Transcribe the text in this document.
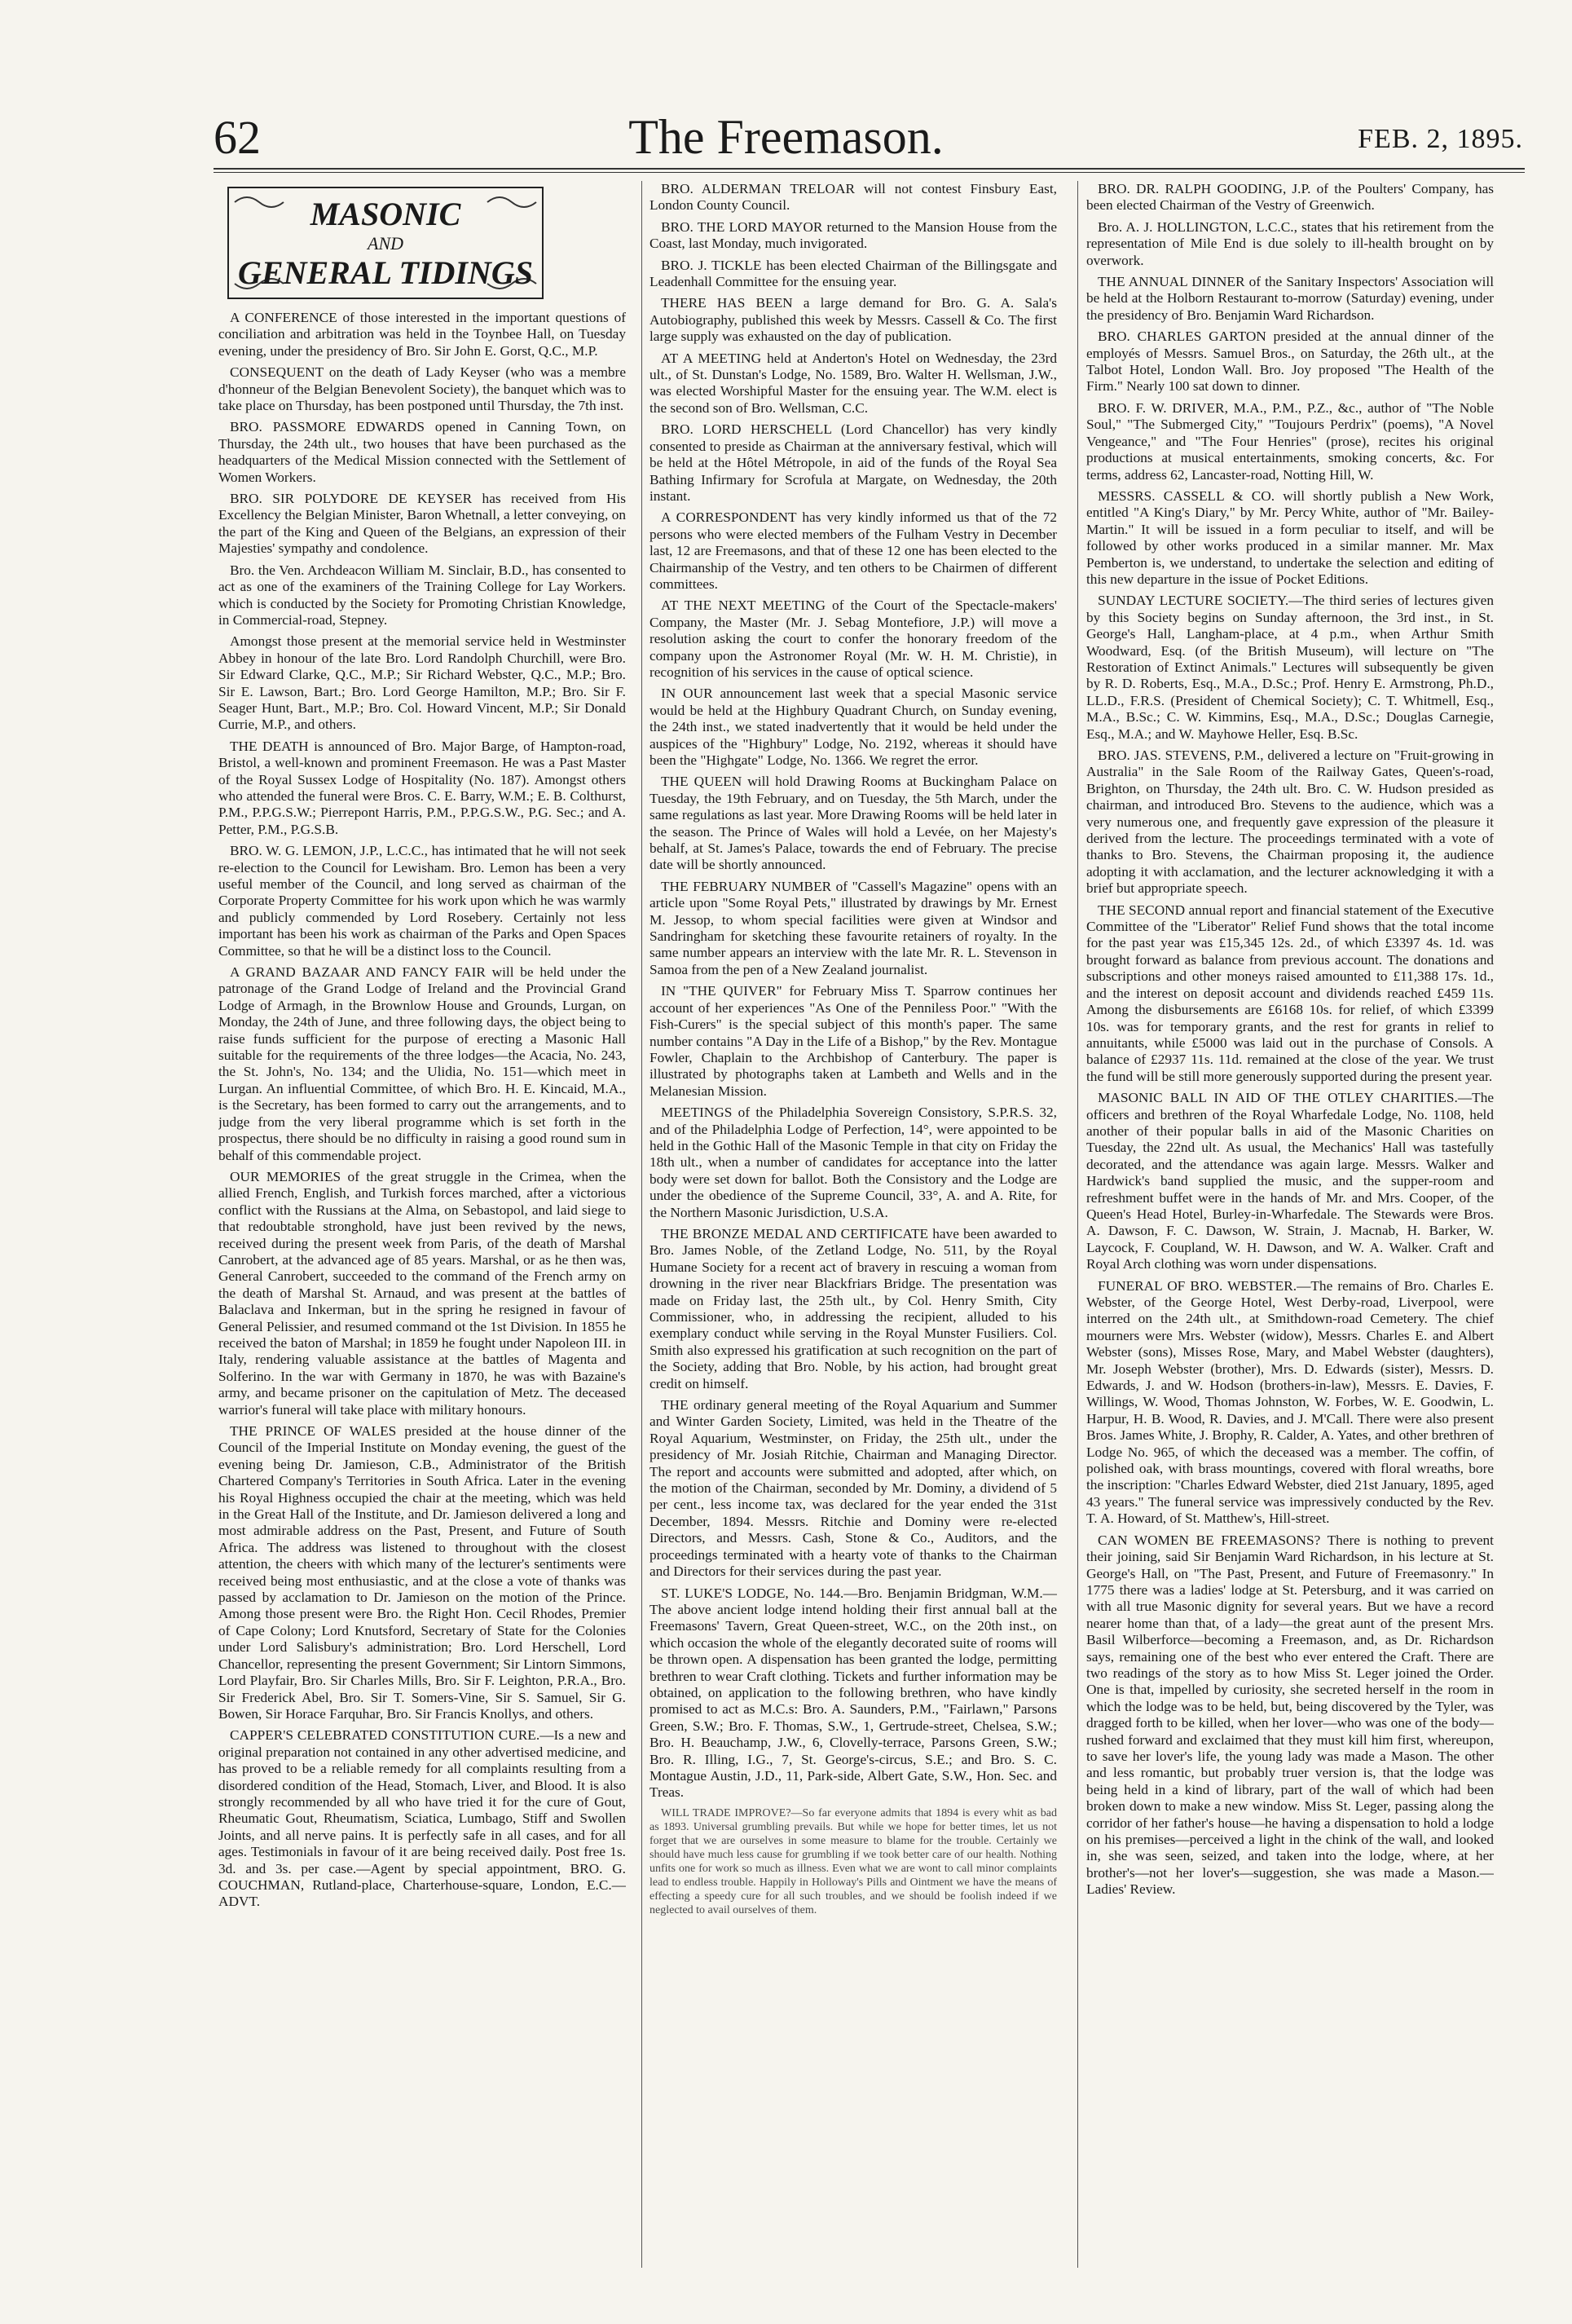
62	The Freemason.	FEB. 2, 1895.
MASONIC
AND
GENERAL TIDINGS

A CONFERENCE of those interested in the important questions of conciliation and arbitration was held in the Toynbee Hall, on Tuesday evening, under the presidency of Bro. Sir John E. Gorst, Q.C., M.P.

CONSEQUENT on the death of Lady Keyser (who was a membre d'honneur of the Belgian Benevolent Society), the banquet which was to take place on Thursday, has been postponed until Thursday, the 7th inst.

BRO. PASSMORE EDWARDS opened in Canning Town, on Thursday, the 24th ult., two houses that have been purchased as the headquarters of the Medical Mission connected with the Settlement of Women Workers.

BRO. SIR POLYDORE DE KEYSER has received from His Excellency the Belgian Minister, Baron Whetnall, a letter conveying, on the part of the King and Queen of the Belgians, an expression of their Majesties' sympathy and condolence.

Bro. the Ven. Archdeacon William M. Sinclair, B.D., has consented to act as one of the examiners of the Training College for Lay Workers. which is conducted by the Society for Promoting Christian Knowledge, in Commercial-road, Stepney.

Amongst those present at the memorial service held in Westminster Abbey in honour of the late Bro. Lord Randolph Churchill, were Bro. Sir Edward Clarke, Q.C., M.P.; Sir Richard Webster, Q.C., M.P.; Bro. Sir E. Lawson, Bart.; Bro. Lord George Hamilton, M.P.; Bro. Sir F. Seager Hunt, Bart., M.P.; Bro. Col. Howard Vincent, M.P.; Sir Donald Currie, M.P., and others.

THE DEATH is announced of Bro. Major Barge, of Hampton-road, Bristol, a well-known and prominent Freemason. He was a Past Master of the Royal Sussex Lodge of Hospitality (No. 187). Amongst others who attended the funeral were Bros. C. E. Barry, W.M.; E. B. Colthurst, P.M., P.P.G.S.W.; Pierrepont Harris, P.M., P.P.G.S.W., P.G. Sec.; and A. Petter, P.M., P.G.S.B.

BRO. W. G. LEMON, J.P., L.C.C., has intimated that he will not seek re-election to the Council for Lewisham. Bro. Lemon has been a very useful member of the Council, and long served as chairman of the Corporate Property Committee for his work upon which he was warmly and publicly commended by Lord Rosebery. Certainly not less important has been his work as chairman of the Parks and Open Spaces Committee, so that he will be a distinct loss to the Council.

A GRAND BAZAAR AND FANCY FAIR will be held under the patronage of the Grand Lodge of Ireland and the Provincial Grand Lodge of Armagh, in the Brownlow House and Grounds, Lurgan, on Monday, the 24th of June, and three following days, the object being to raise funds sufficient for the purpose of erecting a Masonic Hall suitable for the requirements of the three lodges—the Acacia, No. 243, the St. John's, No. 134; and the Ulidia, No. 151—which meet in Lurgan. An influential Committee, of which Bro. H. E. Kincaid, M.A., is the Secretary, has been formed to carry out the arrangements, and to judge from the very liberal programme which is set forth in the prospectus, there should be no difficulty in raising a good round sum in behalf of this commendable project.

OUR MEMORIES of the great struggle in the Crimea, when the allied French, English, and Turkish forces marched, after a victorious conflict with the Russians at the Alma, on Sebastopol, and laid siege to that redoubtable stronghold, have just been revived by the news, received during the present week from Paris, of the death of Marshal Canrobert, at the advanced age of 85 years. Marshal, or as he then was, General Canrobert, succeeded to the command of the French army on the death of Marshal St. Arnaud, and was present at the battles of Balaclava and Inkerman, but in the spring he resigned in favour of General Pelissier, and resumed command ot the 1st Division. In 1855 he received the baton of Marshal; in 1859 he fought under Napoleon III. in Italy, rendering valuable assistance at the battles of Magenta and Solferino. In the war with Germany in 1870, he was with Bazaine's army, and became prisoner on the capitulation of Metz. The deceased warrior's funeral will take place with military honours.

THE PRINCE OF WALES presided at the house dinner of the Council of the Imperial Institute on Monday evening, the guest of the evening being Dr. Jamieson, C.B., Administrator of the British Chartered Company's Territories in South Africa. Later in the evening his Royal Highness occupied the chair at the meeting, which was held in the Great Hall of the Institute, and Dr. Jamieson delivered a long and most admirable address on the Past, Present, and Future of South Africa. The address was listened to throughout with the closest attention, the cheers with which many of the lecturer's sentiments were received being most enthusiastic, and at the close a vote of thanks was passed by acclamation to Dr. Jamieson on the motion of the Prince. Among those present were Bro. the Right Hon. Cecil Rhodes, Premier of Cape Colony; Lord Knutsford, Secretary of State for the Colonies under Lord Salisbury's administration; Bro. Lord Herschell, Lord Chancellor, representing the present Government; Sir Lintorn Simmons, Lord Playfair, Bro. Sir Charles Mills, Bro. Sir F. Leighton, P.R.A., Bro. Sir Frederick Abel, Bro. Sir T. Somers-Vine, Sir S. Samuel, Sir G. Bowen, Sir Horace Farquhar, Bro. Sir Francis Knollys, and others.

CAPPER'S CELEBRATED CONSTITUTION CURE.—Is a new and original preparation not contained in any other advertised medicine, and has proved to be a reliable remedy for all complaints resulting from a disordered condition of the Head, Stomach, Liver, and Blood. It is also strongly recommended by all who have tried it for the cure of Gout, Rheumatic Gout, Rheumatism, Sciatica, Lumbago, Stiff and Swollen Joints, and all nerve pains. It is perfectly safe in all cases, and for all ages. Testimonials in favour of it are being received daily. Post free 1s. 3d. and 3s. per case.—Agent by special appointment, BRO. G. COUCHMAN, Rutland-place, Charterhouse-square, London, E.C.—ADVT.

BRO. ALDERMAN TRELOAR will not contest Finsbury East, London County Council.

BRO. THE LORD MAYOR returned to the Mansion House from the Coast, last Monday, much invigorated.

BRO. J. TICKLE has been elected Chairman of the Billingsgate and Leadenhall Committee for the ensuing year.

THERE HAS BEEN a large demand for Bro. G. A. Sala's Autobiography, published this week by Messrs. Cassell & Co. The first large supply was exhausted on the day of publication.

AT A MEETING held at Anderton's Hotel on Wednesday, the 23rd ult., of St. Dunstan's Lodge, No. 1589, Bro. Walter H. Wellsman, J.W., was elected Worshipful Master for the ensuing year. The W.M. elect is the second son of Bro. Wellsman, C.C.

BRO. LORD HERSCHELL (Lord Chancellor) has very kindly consented to preside as Chairman at the anniversary festival, which will be held at the Hôtel Métropole, in aid of the funds of the Royal Sea Bathing Infirmary for Scrofula at Margate, on Wednesday, the 20th instant.

A CORRESPONDENT has very kindly informed us that of the 72 persons who were elected members of the Fulham Vestry in December last, 12 are Freemasons, and that of these 12 one has been elected to the Chairmanship of the Vestry, and ten others to be Chairmen of different committees.

AT THE NEXT MEETING of the Court of the Spectacle-makers' Company, the Master (Mr. J. Sebag Montefiore, J.P.) will move a resolution asking the court to confer the honorary freedom of the company upon the Astronomer Royal (Mr. W. H. M. Christie), in recognition of his services in the cause of optical science.

IN OUR announcement last week that a special Masonic service would be held at the Highbury Quadrant Church, on Sunday evening, the 24th inst., we stated inadvertently that it would be held under the auspices of the "Highbury" Lodge, No. 2192, whereas it should have been the "Highgate" Lodge, No. 1366. We regret the error.

THE QUEEN will hold Drawing Rooms at Buckingham Palace on Tuesday, the 19th February, and on Tuesday, the 5th March, under the same regulations as last year. More Drawing Rooms will be held later in the season. The Prince of Wales will hold a Levée, on her Majesty's behalf, at St. James's Palace, towards the end of February. The precise date will be shortly announced.

THE FEBRUARY NUMBER of "Cassell's Magazine" opens with an article upon "Some Royal Pets," illustrated by drawings by Mr. Ernest M. Jessop, to whom special facilities were given at Windsor and Sandringham for sketching these favourite retainers of royalty. In the same number appears an interview with the late Mr. R. L. Stevenson in Samoa from the pen of a New Zealand journalist.

IN "THE QUIVER" for February Miss T. Sparrow continues her account of her experiences "As One of the Penniless Poor." "With the Fish-Curers" is the special subject of this month's paper. The same number contains "A Day in the Life of a Bishop," by the Rev. Montague Fowler, Chaplain to the Archbishop of Canterbury. The paper is illustrated by photographs taken at Lambeth and Wells and in the Melanesian Mission.

MEETINGS of the Philadelphia Sovereign Consistory, S.P.R.S. 32, and of the Philadelphia Lodge of Perfection, 14°, were appointed to be held in the Gothic Hall of the Masonic Temple in that city on Friday the 18th ult., when a number of candidates for acceptance into the latter body were set down for ballot. Both the Consistory and the Lodge are under the obedience of the Supreme Council, 33°, A. and A. Rite, for the Northern Masonic Jurisdiction, U.S.A.

THE BRONZE MEDAL AND CERTIFICATE have been awarded to Bro. James Noble, of the Zetland Lodge, No. 511, by the Royal Humane Society for a recent act of bravery in rescuing a woman from drowning in the river near Blackfriars Bridge. The presentation was made on Friday last, the 25th ult., by Col. Henry Smith, City Commissioner, who, in addressing the recipient, alluded to his exemplary conduct while serving in the Royal Munster Fusiliers. Col. Smith also expressed his gratification at such recognition on the part of the Society, adding that Bro. Noble, by his action, had brought great credit on himself.

THE ordinary general meeting of the Royal Aquarium and Summer and Winter Garden Society, Limited, was held in the Theatre of the Royal Aquarium, Westminster, on Friday, the 25th ult., under the presidency of Mr. Josiah Ritchie, Chairman and Managing Director. The report and accounts were submitted and adopted, after which, on the motion of the Chairman, seconded by Mr. Dominy, a dividend of 5 per cent., less income tax, was declared for the year ended the 31st December, 1894. Messrs. Ritchie and Dominy were re-elected Directors, and Messrs. Cash, Stone & Co., Auditors, and the proceedings terminated with a hearty vote of thanks to the Chairman and Directors for their services during the past year.

ST. LUKE'S LODGE, No. 144.—Bro. Benjamin Bridgman, W.M.—The above ancient lodge intend holding their first annual ball at the Freemasons' Tavern, Great Queen-street, W.C., on the 20th inst., on which occasion the whole of the elegantly decorated suite of rooms will be thrown open. A dispensation has been granted the lodge, permitting brethren to wear Craft clothing. Tickets and further information may be obtained, on application to the following brethren, who have kindly promised to act as M.C.s: Bro. A. Saunders, P.M., "Fairlawn," Parsons Green, S.W.; Bro. F. Thomas, S.W., 1, Gertrude-street, Chelsea, S.W.; Bro. H. Beauchamp, J.W., 6, Clovelly-terrace, Parsons Green, S.W.; Bro. R. Illing, I.G., 7, St. George's-circus, S.E.; and Bro. S. C. Montague Austin, J.D., 11, Park-side, Albert Gate, S.W., Hon. Sec. and Treas.

WILL TRADE IMPROVE?—So far everyone admits that 1894 is every whit as bad as 1893. Universal grumbling prevails. But while we hope for better times, let us not forget that we are ourselves in some measure to blame for the trouble. Certainly we should have much less cause for grumbling if we took better care of our health. Nothing unfits one for work so much as illness. Even what we are wont to call minor complaints lead to endless trouble. Happily in Holloway's Pills and Ointment we have the means of effecting a speedy cure for all such troubles, and we should be foolish indeed if we neglected to avail ourselves of them.

BRO. DR. RALPH GOODING, J.P. of the Poulters' Company, has been elected Chairman of the Vestry of Greenwich.

Bro. A. J. HOLLINGTON, L.C.C., states that his retirement from the representation of Mile End is due solely to ill-health brought on by overwork.

THE ANNUAL DINNER of the Sanitary Inspectors' Association will be held at the Holborn Restaurant to-morrow (Saturday) evening, under the presidency of Bro. Benjamin Ward Richardson.

BRO. CHARLES GARTON presided at the annual dinner of the employés of Messrs. Samuel Bros., on Saturday, the 26th ult., at the Talbot Hotel, London Wall. Bro. Joy proposed "The Health of the Firm." Nearly 100 sat down to dinner.

BRO. F. W. DRIVER, M.A., P.M., P.Z., &c., author of "The Noble Soul," "The Submerged City," "Toujours Perdrix" (poems), "A Novel Vengeance," and "The Four Henries" (prose), recites his original productions at musical entertainments, smoking concerts, &c. For terms, address 62, Lancaster-road, Notting Hill, W.

MESSRS. CASSELL & CO. will shortly publish a New Work, entitled "A King's Diary," by Mr. Percy White, author of "Mr. Bailey-Martin." It will be issued in a form peculiar to itself, and will be followed by other works produced in a similar manner. Mr. Max Pemberton is, we understand, to undertake the selection and editing of this new departure in the issue of Pocket Editions.

SUNDAY LECTURE SOCIETY.—The third series of lectures given by this Society begins on Sunday afternoon, the 3rd inst., in St. George's Hall, Langham-place, at 4 p.m., when Arthur Smith Woodward, Esq. (of the British Museum), will lecture on "The Restoration of Extinct Animals." Lectures will subsequently be given by R. D. Roberts, Esq., M.A., D.Sc.; Prof. Henry E. Armstrong, Ph.D., LL.D., F.R.S. (President of Chemical Society); C. T. Whitmell, Esq., M.A., B.Sc.; C. W. Kimmins, Esq., M.A., D.Sc.; Douglas Carnegie, Esq., M.A.; and W. Mayhowe Heller, Esq. B.Sc.

BRO. JAS. STEVENS, P.M., delivered a lecture on "Fruit-growing in Australia" in the Sale Room of the Railway Gates, Queen's-road, Brighton, on Thursday, the 24th ult. Bro. C. W. Hudson presided as chairman, and introduced Bro. Stevens to the audience, which was a very numerous one, and frequently gave expression of the pleasure it derived from the lecture. The proceedings terminated with a vote of thanks to Bro. Stevens, the Chairman proposing it, the audience adopting it with acclamation, and the lecturer acknowledging it with a brief but appropriate speech.

THE SECOND annual report and financial statement of the Executive Committee of the "Liberator" Relief Fund shows that the total income for the past year was £15,345 12s. 2d., of which £3397 4s. 1d. was brought forward as balance from previous account. The donations and subscriptions and other moneys raised amounted to £11,388 17s. 1d., and the interest on deposit account and dividends reached £459 11s. Among the disbursements are £6168 10s. for relief, of which £3399 10s. was for temporary grants, and the rest for grants in relief to annuitants, while £5000 was laid out in the purchase of Consols. A balance of £2937 11s. 11d. remained at the close of the year. We trust the fund will be still more generously supported during the present year.

MASONIC BALL IN AID OF THE OTLEY CHARITIES.—The officers and brethren of the Royal Wharfedale Lodge, No. 1108, held another of their popular balls in aid of the Masonic Charities on Tuesday, the 22nd ult. As usual, the Mechanics' Hall was tastefully decorated, and the attendance was again large. Messrs. Walker and Hardwick's band supplied the music, and the supper-room and refreshment buffet were in the hands of Mr. and Mrs. Cooper, of the Queen's Head Hotel, Burley-in-Wharfedale. The Stewards were Bros. A. Dawson, F. C. Dawson, W. Strain, J. Macnab, H. Barker, W. Laycock, F. Coupland, W. H. Dawson, and W. A. Walker. Craft and Royal Arch clothing was worn under dispensations.

FUNERAL OF BRO. WEBSTER.—The remains of Bro. Charles E. Webster, of the George Hotel, West Derby-road, Liverpool, were interred on the 24th ult., at Smithdown-road Cemetery. The chief mourners were Mrs. Webster (widow), Messrs. Charles E. and Albert Webster (sons), Misses Rose, Mary, and Mabel Webster (daughters), Mr. Joseph Webster (brother), Mrs. D. Edwards (sister), Messrs. D. Edwards, J. and W. Hodson (brothers-in-law), Messrs. E. Davies, F. Willings, W. Wood, Thomas Johnston, W. Forbes, W. E. Goodwin, L. Harpur, H. B. Wood, R. Davies, and J. M'Call. There were also present Bros. James White, J. Brophy, R. Calder, A. Yates, and other brethren of Lodge No. 965, of which the deceased was a member. The coffin, of polished oak, with brass mountings, covered with floral wreaths, bore the inscription: "Charles Edward Webster, died 21st January, 1895, aged 43 years." The funeral service was impressively conducted by the Rev. T. A. Howard, of St. Matthew's, Hill-street.

CAN WOMEN BE FREEMASONS? There is nothing to prevent their joining, said Sir Benjamin Ward Richardson, in his lecture at St. George's Hall, on "The Past, Present, and Future of Freemasonry." In 1775 there was a ladies' lodge at St. Petersburg, and it was carried on with all true Masonic dignity for several years. But we have a record nearer home than that, of a lady—the great aunt of the present Mrs. Basil Wilberforce—becoming a Freemason, and, as Dr. Richardson says, remaining one of the best who ever entered the Craft. There are two readings of the story as to how Miss St. Leger joined the Order. One is that, impelled by curiosity, she secreted herself in the room in which the lodge was to be held, but, being discovered by the Tyler, was dragged forth to be killed, when her lover—who was one of the body—rushed forward and exclaimed that they must kill him first, whereupon, to save her lover's life, the young lady was made a Mason. The other and less romantic, but probably truer version is, that the lodge was being held in a kind of library, part of the wall of which had been broken down to make a new window. Miss St. Leger, passing along the corridor of her father's house—he having a dispensation to hold a lodge on his premises—perceived a light in the chink of the wall, and looked in, she was seen, seized, and taken into the lodge, where, at her brother's—not her lover's—suggestion, she was made a Mason.—Ladies' Review.
